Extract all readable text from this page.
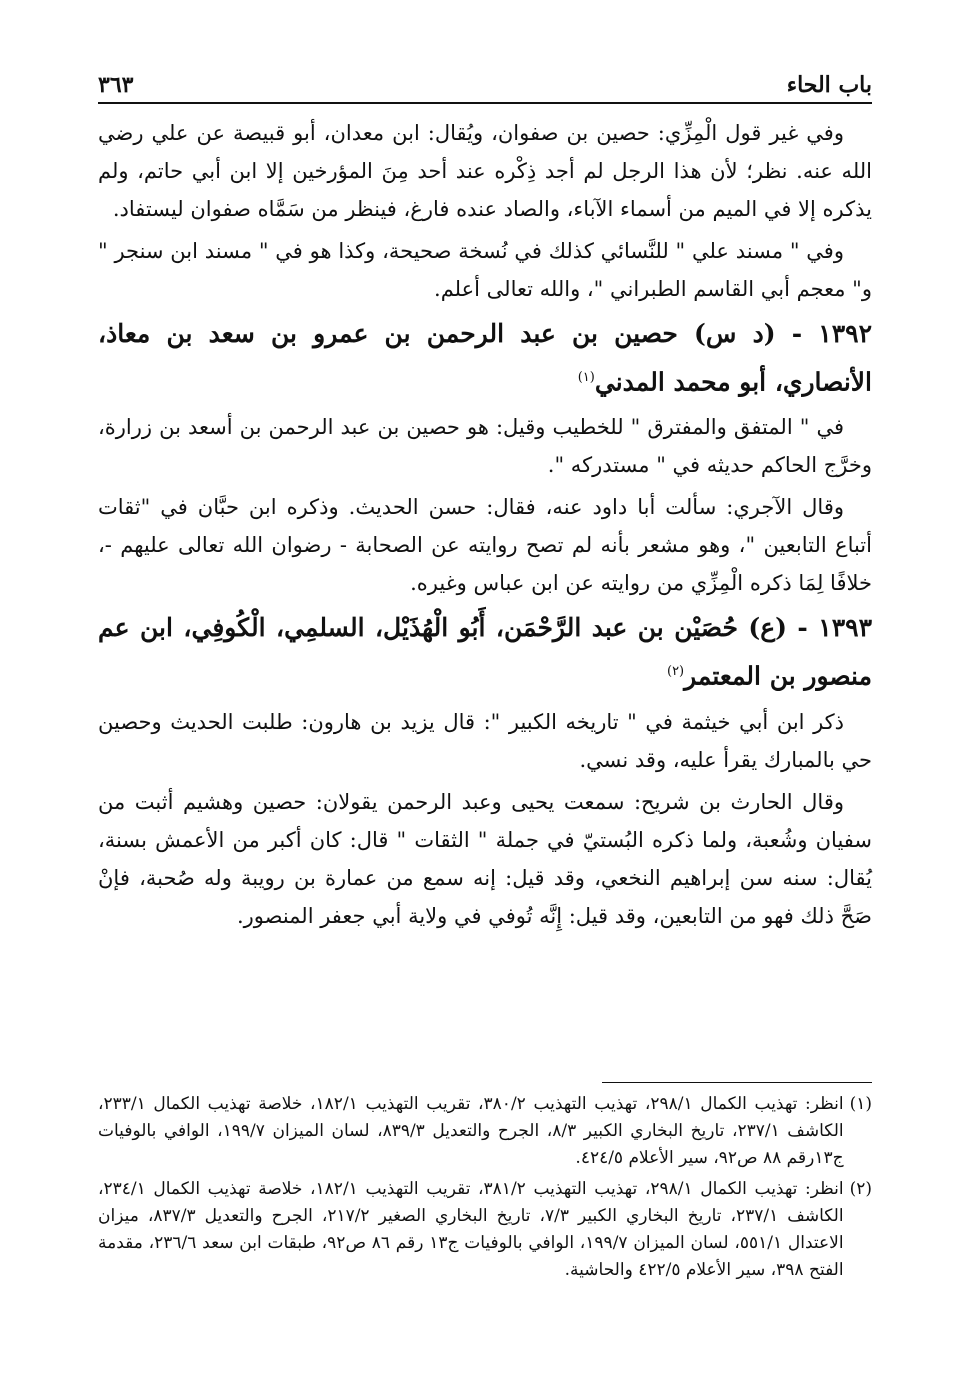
باب الحاء
٣٦٣

وفي غير قول الْمِزِّي: حصين بن صفوان، ويُقال: ابن معدان، أبو قبيصة عن علي رضي الله عنه. نظر؛ لأن هذا الرجل لم أجد ذِكْره عند أحد مِنَ المؤرخين إلا ابن أبي حاتم، ولم يذكره إلا في الميم من أسماء الآباء، والصاد عنده فارغ، فينظر من سَمَّاه صفوان ليستفاد.

وفي " مسند علي " للنَّسائي كذلك في نُسخة صحيحة، وكذا هو في " مسند ابن سنجر " و" معجم أبي القاسم الطبراني "، والله تعالى أعلم.

١٣٩٢ - (د س) حصين بن عبد الرحمن بن عمرو بن سعد بن معاذ، الأنصاري، أبو محمد المدني$^{(١)}$

في " المتفق والمفترق " للخطيب وقيل: هو حصين بن عبد الرحمن بن أسعد بن زرارة، وخرَّج الحاكم حديثه في " مستدركه ".

وقال الآجري: سألت أبا داود عنه، فقال: حسن الحديث. وذكره ابن حبَّان في "ثقات أتباع التابعين "، وهو مشعر بأنه لم تصح روايته عن الصحابة - رضوان الله تعالى عليهم -، خلافًا لِمَا ذكره الْمِزِّي من روايته عن ابن عباس وغيره.

١٣٩٣ - (ع) حُصَيْن بن عبد الرَّحْمَن، أَبُو الْهُذَيْل، السلمِي، الْكُوفِي، ابن عم منصور بن المعتمر$^{(٢)}$

ذكر ابن أبي خيثمة في " تاريخه الكبير ": قال يزيد بن هارون: طلبت الحديث وحصين حي بالمبارك يقرأ عليه، وقد نسي.

وقال الحارث بن شريح: سمعت يحيى وعبد الرحمن يقولان: حصين وهشيم أثبت من سفيان وشُعبة، ولما ذكره البُستيّ في جملة " الثقات " قال: كان أكبر من الأعمش بسنة، يُقال: سنه سن إبراهيم النخعي، وقد قيل: إنه سمع من عمارة بن رويبة وله صُحبة، فإنْ صَحَّ ذلك فهو من التابعين، وقد قيل: إِنَّه تُوفي في ولاية أبي جعفر المنصور.

(١)
انظر: تهذيب الكمال ٢٩٨/١، تهذيب التهذيب ٣٨٠/٢، تقريب التهذيب ١٨٢/١، خلاصة تهذيب الكمال ٢٣٣/١، الكاشف ٢٣٧/١، تاريخ البخاري الكبير ٨/٣، الجرح والتعديل ٨٣٩/٣، لسان الميزان ١٩٩/٧، الوافي بالوفيات ج١٣رقم ٨٨ ص٩٢، سير الأعلام ٤٢٤/٥.
(٢)
انظر: تهذيب الكمال ٢٩٨/١، تهذيب التهذيب ٣٨١/٢، تقريب التهذيب ١٨٢/١، خلاصة تهذيب الكمال ٢٣٤/١، الكاشف ٢٣٧/١، تاريخ البخاري الكبير ٧/٣، تاريخ البخاري الصغير ٢١٧/٢، الجرح والتعديل ٨٣٧/٣، ميزان الاعتدال ٥٥١/١، لسان الميزان ١٩٩/٧، الوافي بالوفيات ج١٣ رقم ٨٦ ص٩٢، طبقات ابن سعد ٢٣٦/٦، مقدمة الفتح ٣٩٨، سير الأعلام ٤٢٢/٥ والحاشية.
